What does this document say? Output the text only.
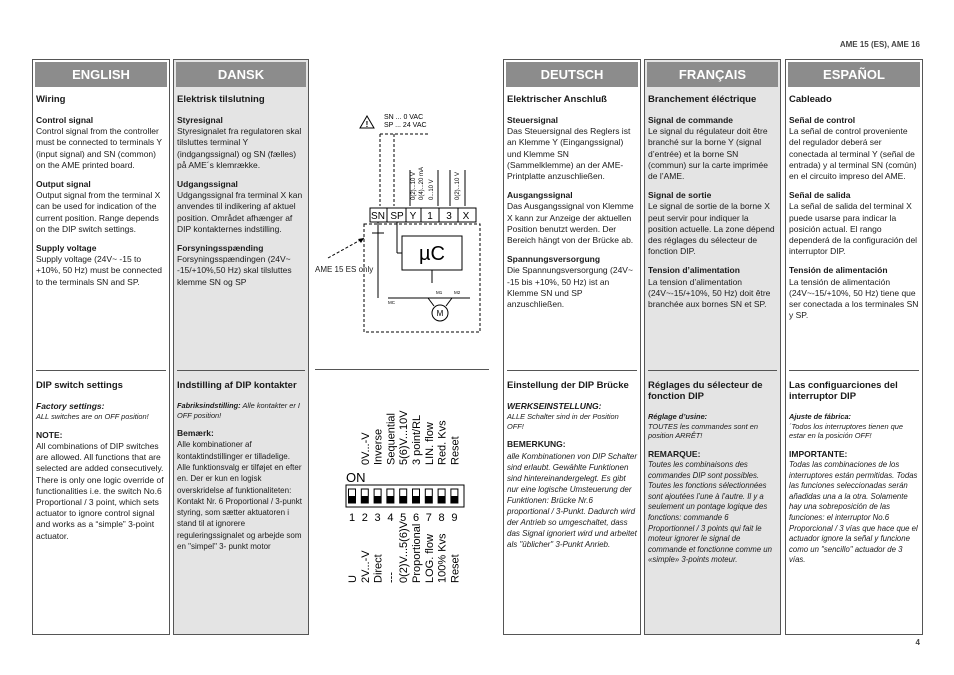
AME 15 (ES), AME 16
4
ENGLISH
Wiring
Control signal
Control signal from the controller must be connected to terminals Y (input signal) and SN (common) on the AME printed board.
Output signal
Output signal from the terminal X can be used for indication of the current position. Range depends on the DIP switch settings.
Supply voltage
Supply voltage (24V~ -15 to +10%, 50 Hz) must be connected to the terminals SN and SP.
DIP switch settings
Factory settings:
ALL switches are on OFF position!
NOTE:
All combinations of DIP switches are allowed. All functions that are selected are added consecutively. There is only one logic override of functionalities i.e. the switch No.6 Proportional / 3 point, which sets actuator to ignore control signal and works as a “simple” 3-point actuator.
DANSK
Elektrisk tilslutning
Styresignal
Styresignalet fra regulatoren skal tilsluttes terminal Y (indgangssignal) og SN (fælles) på AME´s klemrække.
Udgangssignal
Udgangssignal fra terminal X kan anvendes til indikering af aktuel position. Området afhænger af DIP kontakternes indstilling.
Forsyningsspænding
Forsyningsspændingen (24V~ -15/+10%,50 Hz) skal tilsluttes klemme SN og SP
Indstilling af DIP kontakter
Fabriksindstilling: Alle kontakter er I OFF position!
Bemærk:
Alle kombinationer af kontaktindstillinger er tilladelige. Alle funktionsvalg er tilføjet en efter en. Der er kun en logisk overskridelse af funktionaliteten: Kontakt Nr. 6 Proportional / 3-punkt styring, som sætter aktuatoren i stand til at ignorere reguleringssignalet og arbejde som en "simpel" 3- punkt motor
!
SN ... 0 VAC
SP ... 24 VAC
0(2)...10 V 0(4)...20 mA 0...10 V	0(2)...10 V
SN SP Y 1 3 X
µC
M
MC
M1	M2
AME 15 ES only
0V...-V Inverse Sequential 5(6)V...10V 3 point/RL LIN. flow Red. Kvs Reset
ON
1 2 3 4 5 6 7 8 9
U 2V...-V Direct --- 0(2)V...5(6)V Proportional LOG. flow 100% Kvs Reset
DEUTSCH
Elektrischer Anschluß
Steuersignal
Das Steuersignal des Reglers ist an Klemme Y (Eingangssignal) und Klemme SN (Sammelklemme) an der AME-Printplatte anzuschließen.
Ausgangssignal
Das Ausgangssignal von Klemme X kann zur Anzeige der aktuellen Position benutzt werden. Der Bereich hängt von der Brücke ab.
Spannungsversorgung
Die Spannungsversorgung (24V~ -15 bis +10%, 50 Hz) ist an Klemme SN und SP anzuschließen.
Einstellung der DIP Brücke
WERKSEINSTELLUNG:
ALLE Schalter sind in der Position OFF!
BEMERKUNG:
alle Kombinationen von DIP Schalter sind erlaubt. Gewählte Funktionen sind hintereinandergelegt. Es gibt nur eine logische Umsteuerung der Funktionen: Brücke Nr.6 proportional / 3-Punkt. Dadurch wird der Antrieb so umgeschaltet, dass das Signal ignoriert wird und arbeitet als "üblicher" 3-Punkt Anrieb.
FRANÇAIS
Branchement éléctrique
Signal de commande
Le signal du régulateur doit être branché sur la borne Y (signal d’entrée) et la borne SN (commun) sur la carte imprimée de l’AME.
Signal de sortie
Le signal de sortie de la borne X peut servir pour indiquer la position actuelle. La zone dépend des réglages du sélecteur de fonction DIP.
Tension d’alimentation
La tension d’alimentation (24V~-15/+10%, 50 Hz) doit être branchée aux bornes SN et SP.
Réglages du sélecteur de fonction DIP
Réglage d’usine:
TOUTES les commandes sont en position ARRÊT!
REMARQUE:
Toutes les combinaisons des commandes DIP sont possibles. Toutes les fonctions sélectionnées sont ajoutées l’une à l’autre. Il y a seulement un pontage logique des fonctions: commande 6 Proportionnel / 3 points qui fait le moteur ignorer le signal de commande et fonctionne comme un «simple» 3-points moteur.
ESPAÑOL
Cableado
Señal de control
La señal de control proveniente del regulador deberá ser conectada al terminal Y (señal de entrada) y al terminal SN (común) en el circuito impreso del AME.
Señal de salida
La señal de salida del terminal X puede usarse para indicar la posición actual. El rango dependerá de la configuración del interruptor DIP.
Tensión de alimentación
La tensión de alimentación (24V~-15/+10%, 50 Hz) tiene que ser conectada a los terminales SN y SP.
Las configuarciones del interruptor DIP
Ajuste de fábrica:
´Todos los interruptores tienen que estar en la posición OFF!
IMPORTANTE:
Todas las combinaciones de los interruptores están permitidas. Todas las funciones seleccionadas serán añadidas una a la otra. Solamente hay una sobreposición de las funciones: el interruptor No.6 Proporcional / 3 vías que hace que el actuador ignore la señal y funcione como un "sencillo" actuador de 3 vías.
